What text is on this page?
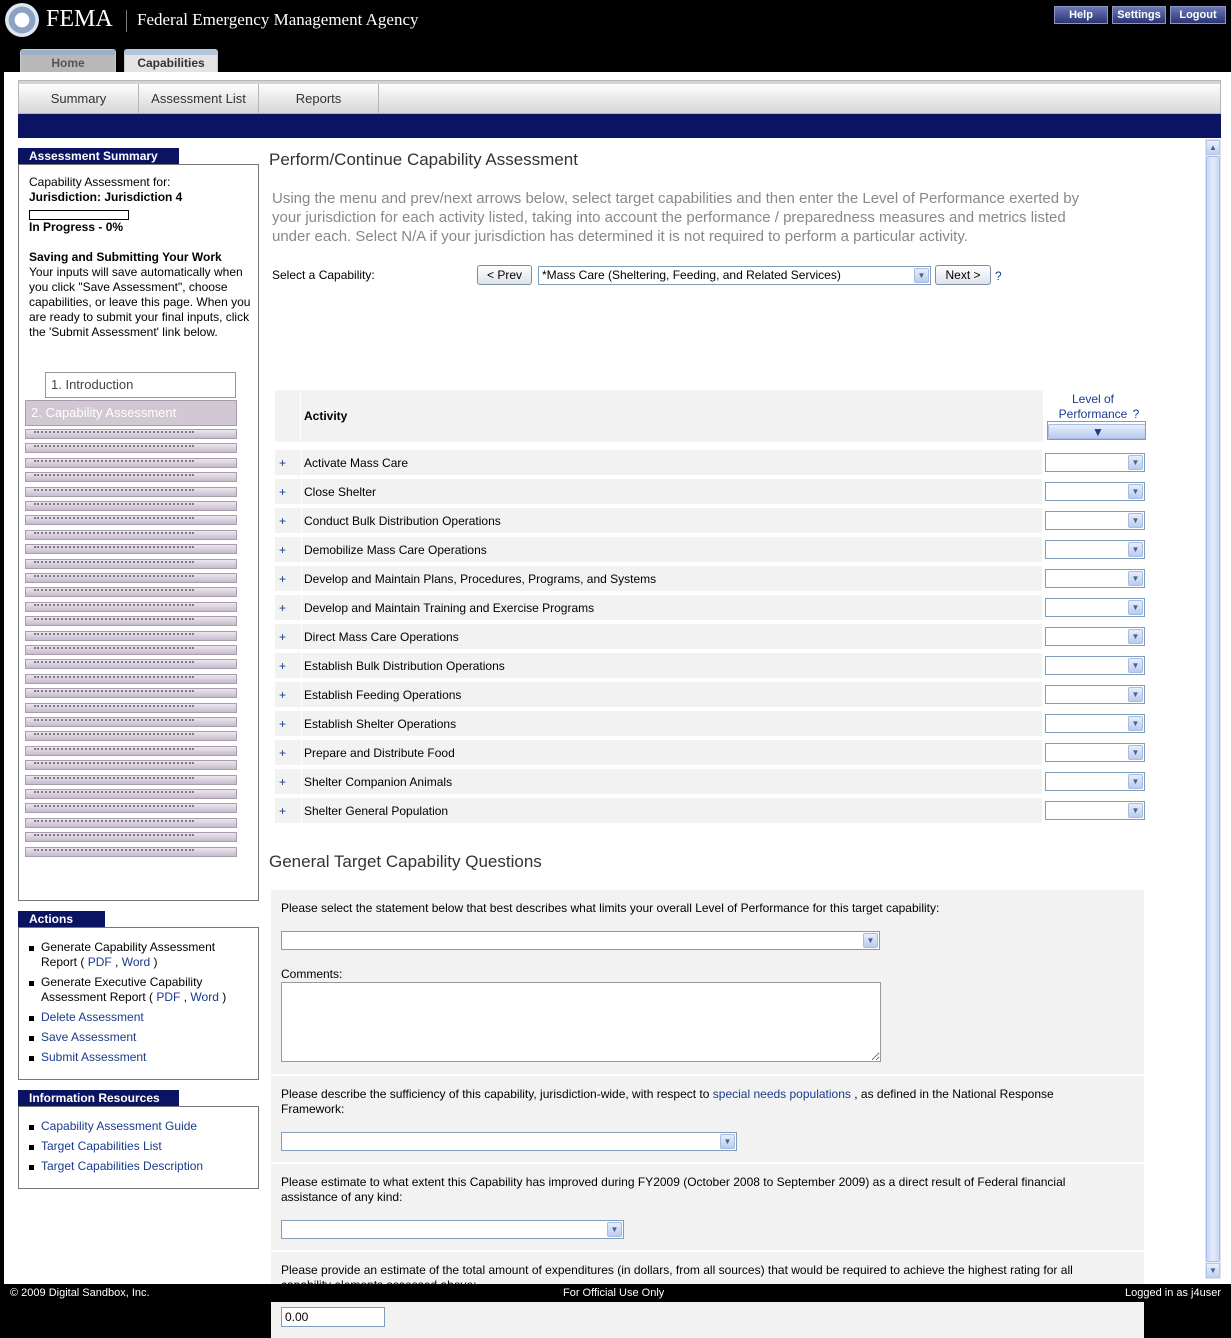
FEMA Federal Emergency Management Agency	Help	Settings	Logout
Home	Capabilities
Summary	Assessment List	Reports
Assessment Summary
Capability Assessment for:
Jurisdiction: Jurisdiction 4
In Progress - 0%
Saving and Submitting Your Work
Your inputs will save automatically when you click "Save Assessment", choose capabilities, or leave this page. When you are ready to submit your final inputs, click the 'Submit Assessment' link below.
1. Introduction
2. Capability Assessment
Actions
Generate Capability Assessment Report ( PDF , Word )
Generate Executive Capability Assessment Report ( PDF , Word )
Delete Assessment
Save Assessment
Submit Assessment
Information Resources
Capability Assessment Guide
Target Capabilities List
Target Capabilities Description
Perform/Continue Capability Assessment
Using the menu and prev/next arrows below, select target capabilities and then enter the Level of Performance exerted by your jurisdiction for each activity listed, taking into account the performance / preparedness measures and metrics listed under each. Select N/A if your jurisdiction has determined it is not required to perform a particular activity.
Select a Capability:	< Prev	*Mass Care (Sheltering, Feeding, and Related Services)	▼	Next >	?
Activity
Level of Performance ?
▼
+ Activate Mass Care	▼
+ Close Shelter	▼
+ Conduct Bulk Distribution Operations	▼
+ Demobilize Mass Care Operations	▼
+ Develop and Maintain Plans, Procedures, Programs, and Systems	▼
+ Develop and Maintain Training and Exercise Programs	▼
+ Direct Mass Care Operations	▼
+ Establish Bulk Distribution Operations	▼
+ Establish Feeding Operations	▼
+ Establish Shelter Operations	▼
+ Prepare and Distribute Food	▼
+ Shelter Companion Animals	▼
+ Shelter General Population	▼
General Target Capability Questions
Please select the statement below that best describes what limits your overall Level of Performance for this target capability:
▼
Comments:
Please describe the sufficiency of this capability, jurisdiction-wide, with respect to special needs populations , as defined in the National Response Framework:
▼
Please estimate to what extent this Capability has improved during FY2009 (October 2008 to September 2009) as a direct result of Federal financial assistance of any kind:
▼
Please provide an estimate of the total amount of expenditures (in dollars, from all sources) that would be required to achieve the highest rating for all
0.00
▲
▼
© 2009 Digital Sandbox, Inc.	For Official Use Only	Logged in as j4user
